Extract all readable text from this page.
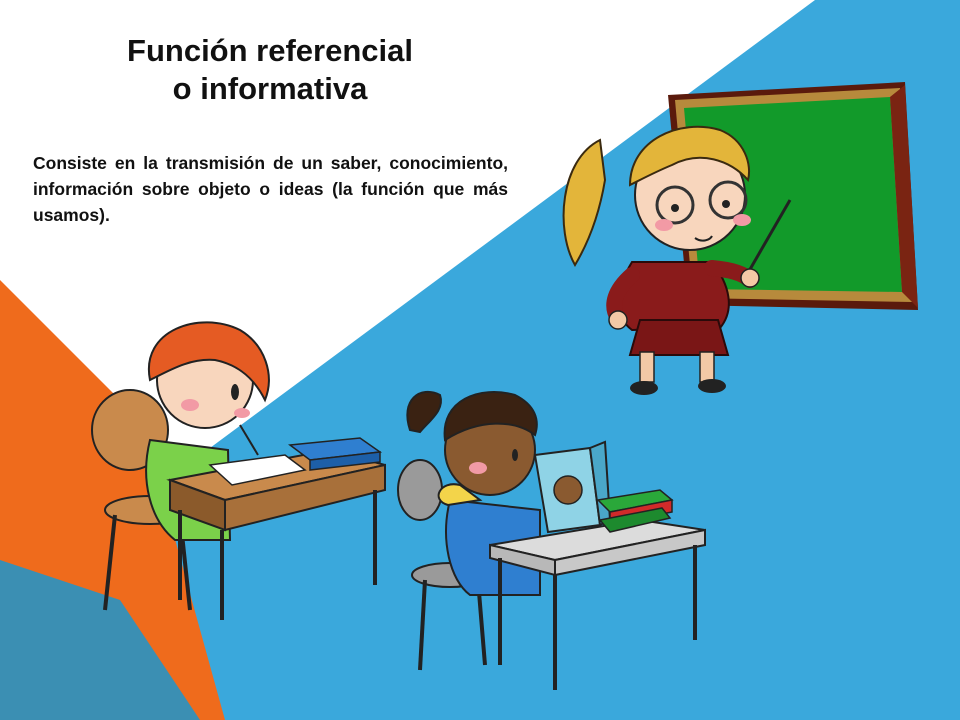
Función referencial
o informativa
Consiste en la transmisión de un saber, conocimiento, información sobre objeto o ideas (la función que más usamos).
